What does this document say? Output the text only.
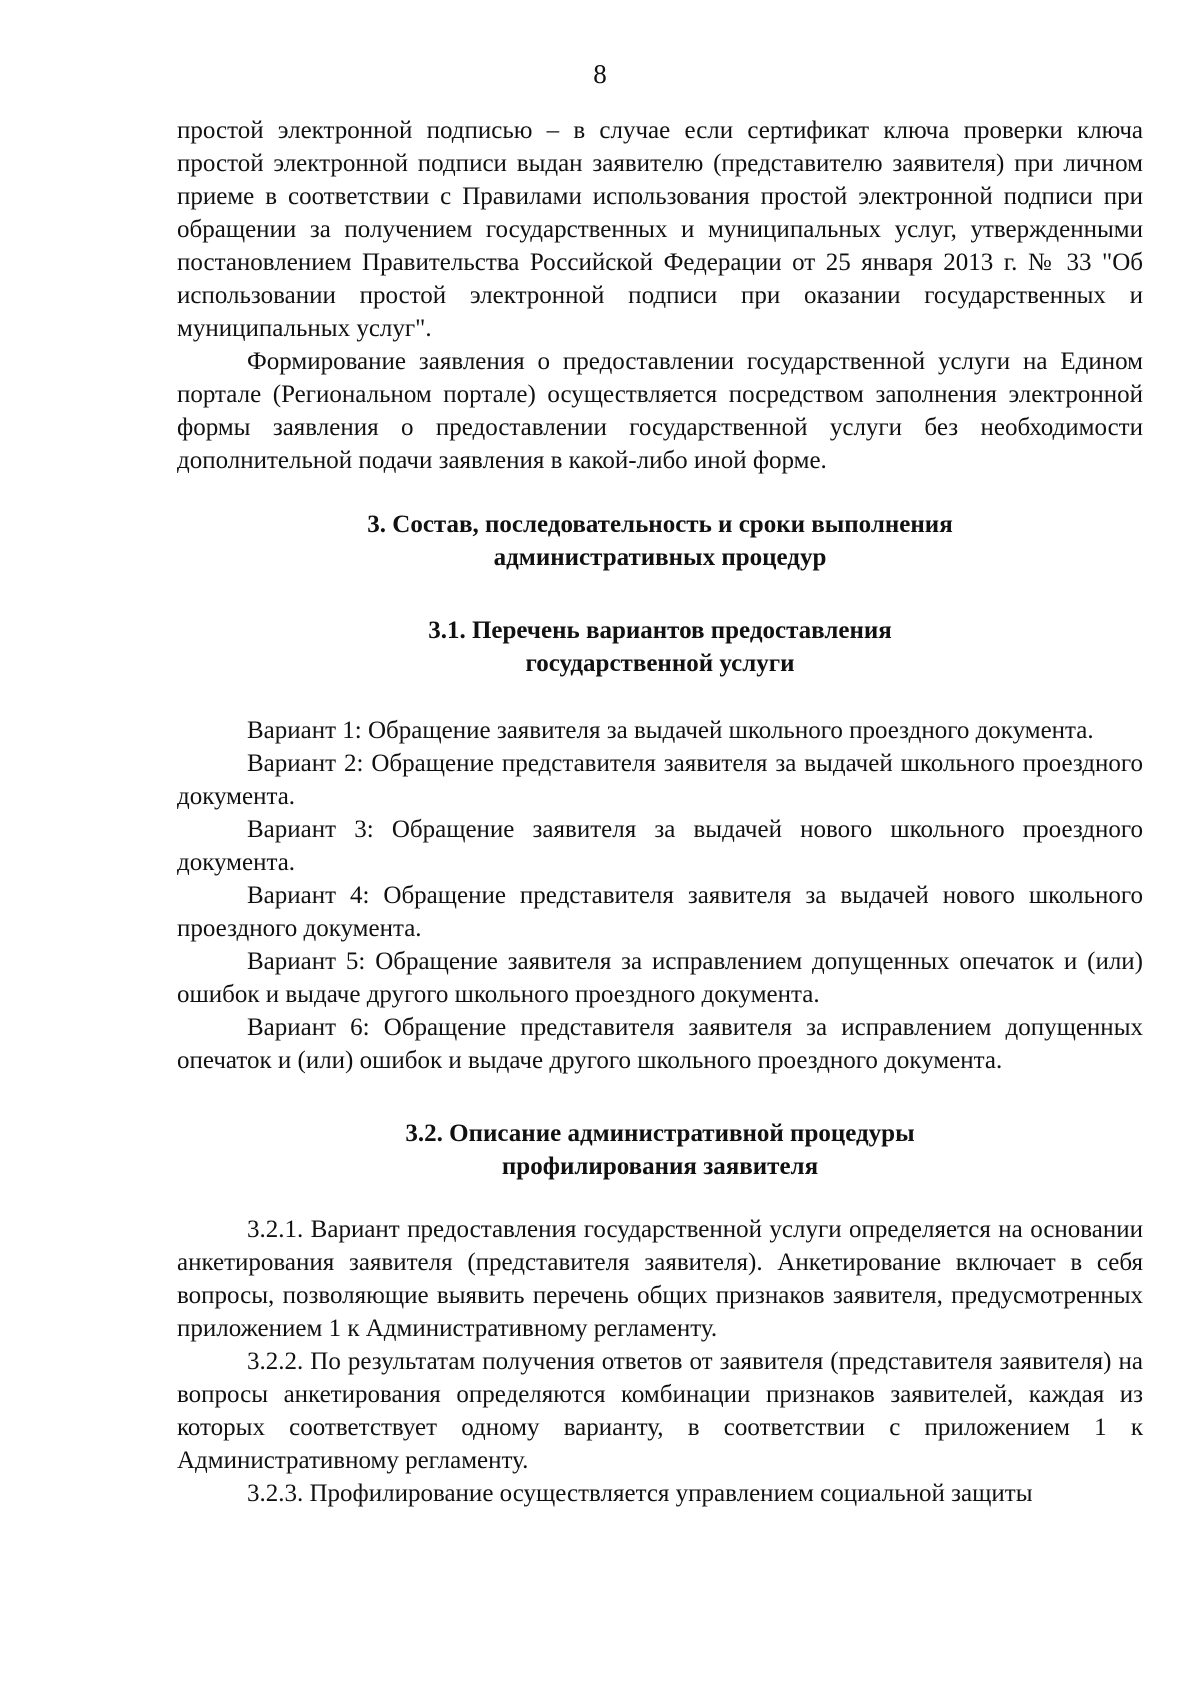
8

простой электронной подписью – в случае если сертификат ключа проверки ключа простой электронной подписи выдан заявителю (представителю заявителя) при личном приеме в соответствии с Правилами использования простой электронной подписи при обращении за получением государственных и муниципальных услуг, утвержденными постановлением Правительства Российской Федерации от 25 января 2013 г. № 33 "Об использовании простой электронной подписи при оказании государственных и муниципальных услуг".

Формирование заявления о предоставлении государственной услуги на Едином портале (Региональном портале) осуществляется посредством заполнения электронной формы заявления о предоставлении государственной услуги без необходимости дополнительной подачи заявления в какой-либо иной форме.

3. Состав, последовательность и сроки выполнения
административных процедур
3.1. Перечень вариантов предоставления
государственной услуги

Вариант 1: Обращение заявителя за выдачей школьного проездного документа.

Вариант 2: Обращение представителя заявителя за выдачей школьного проездного документа.

Вариант 3: Обращение заявителя за выдачей нового школьного проездного документа.

Вариант 4: Обращение представителя заявителя за выдачей нового школьного проездного документа.

Вариант 5: Обращение заявителя за исправлением допущенных опечаток и (или) ошибок и выдаче другого школьного проездного документа.

Вариант 6: Обращение представителя заявителя за исправлением допущенных опечаток и (или) ошибок и выдаче другого школьного проездного документа.

3.2. Описание административной процедуры
профилирования заявителя

3.2.1. Вариант предоставления государственной услуги определяется на основании анкетирования заявителя (представителя заявителя). Анкетирование включает в себя вопросы, позволяющие выявить перечень общих признаков заявителя, предусмотренных приложением 1 к Административному регламенту.

3.2.2. По результатам получения ответов от заявителя (представителя заявителя) на вопросы анкетирования определяются комбинации признаков заявителей, каждая из которых соответствует одному варианту, в соответствии с приложением 1 к Административному регламенту.

3.2.3. Профилирование осуществляется управлением социальной защиты
